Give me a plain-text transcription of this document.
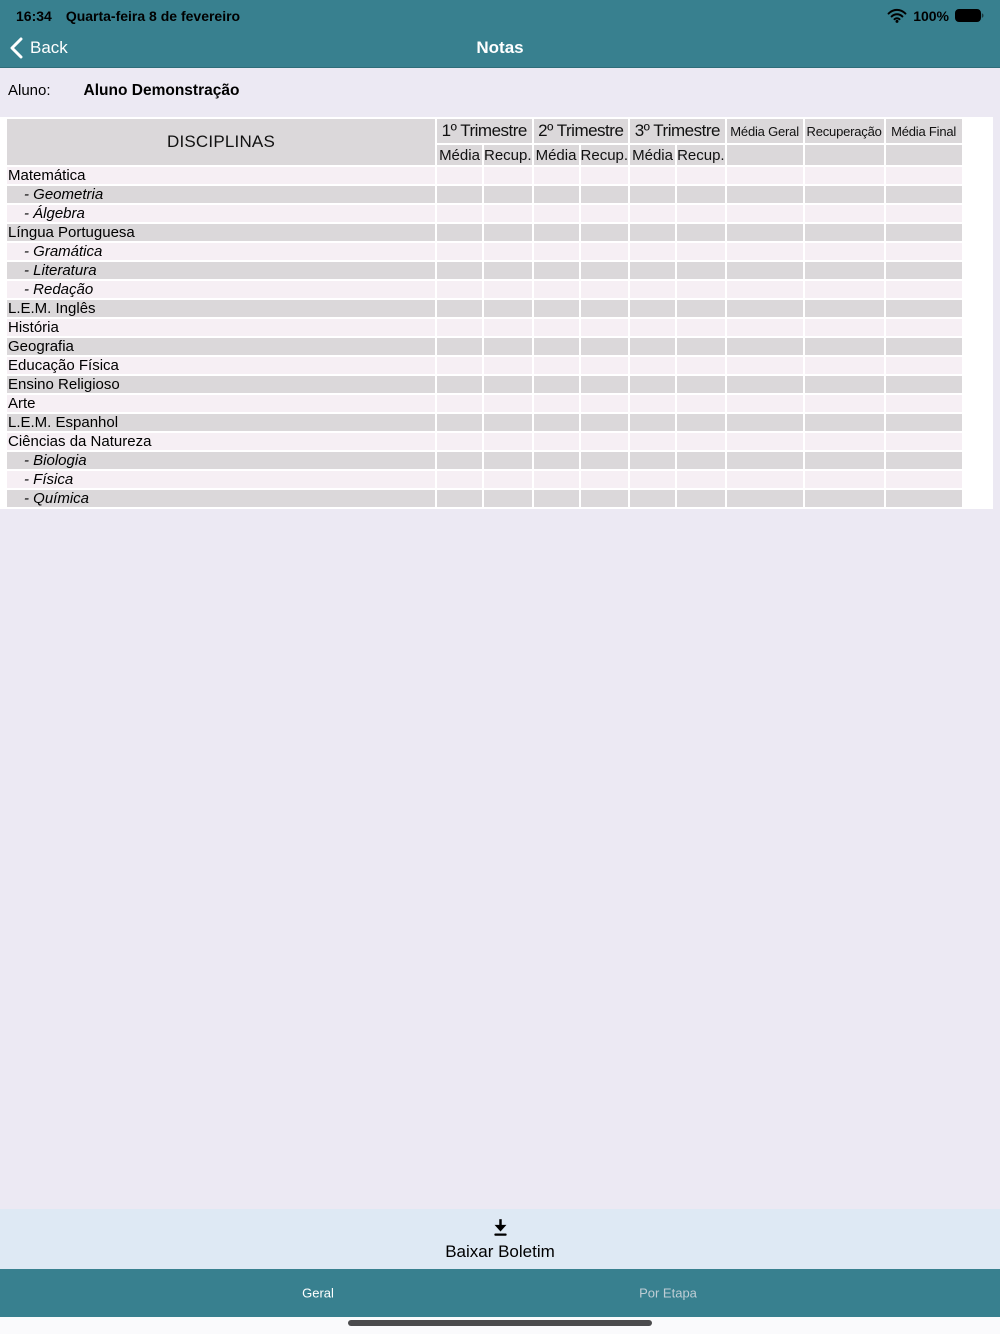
16:34 Quarta-feira 8 de fevereiro	100%
Back	Notas
Aluno: Aluno Demonstração
DISCIPLINAS	1º Trimestre		2º Trimestre		3º Trimestre		Média Geral	Recuperação	Média Final
	Média	Recup.	Média	Recup.	Média	Recup.			
Matemática									
- Geometria									
- Álgebra									
Língua Portuguesa									
- Gramática									
- Literatura									
- Redação									
L.E.M. Inglês									
História									
Geografia									
Educação Física									
Ensino Religioso									
Arte									
L.E.M. Espanhol									
Ciências da Natureza									
- Biologia									
- Física									
- Química									
Baixar Boletim
Geral	Por Etapa
